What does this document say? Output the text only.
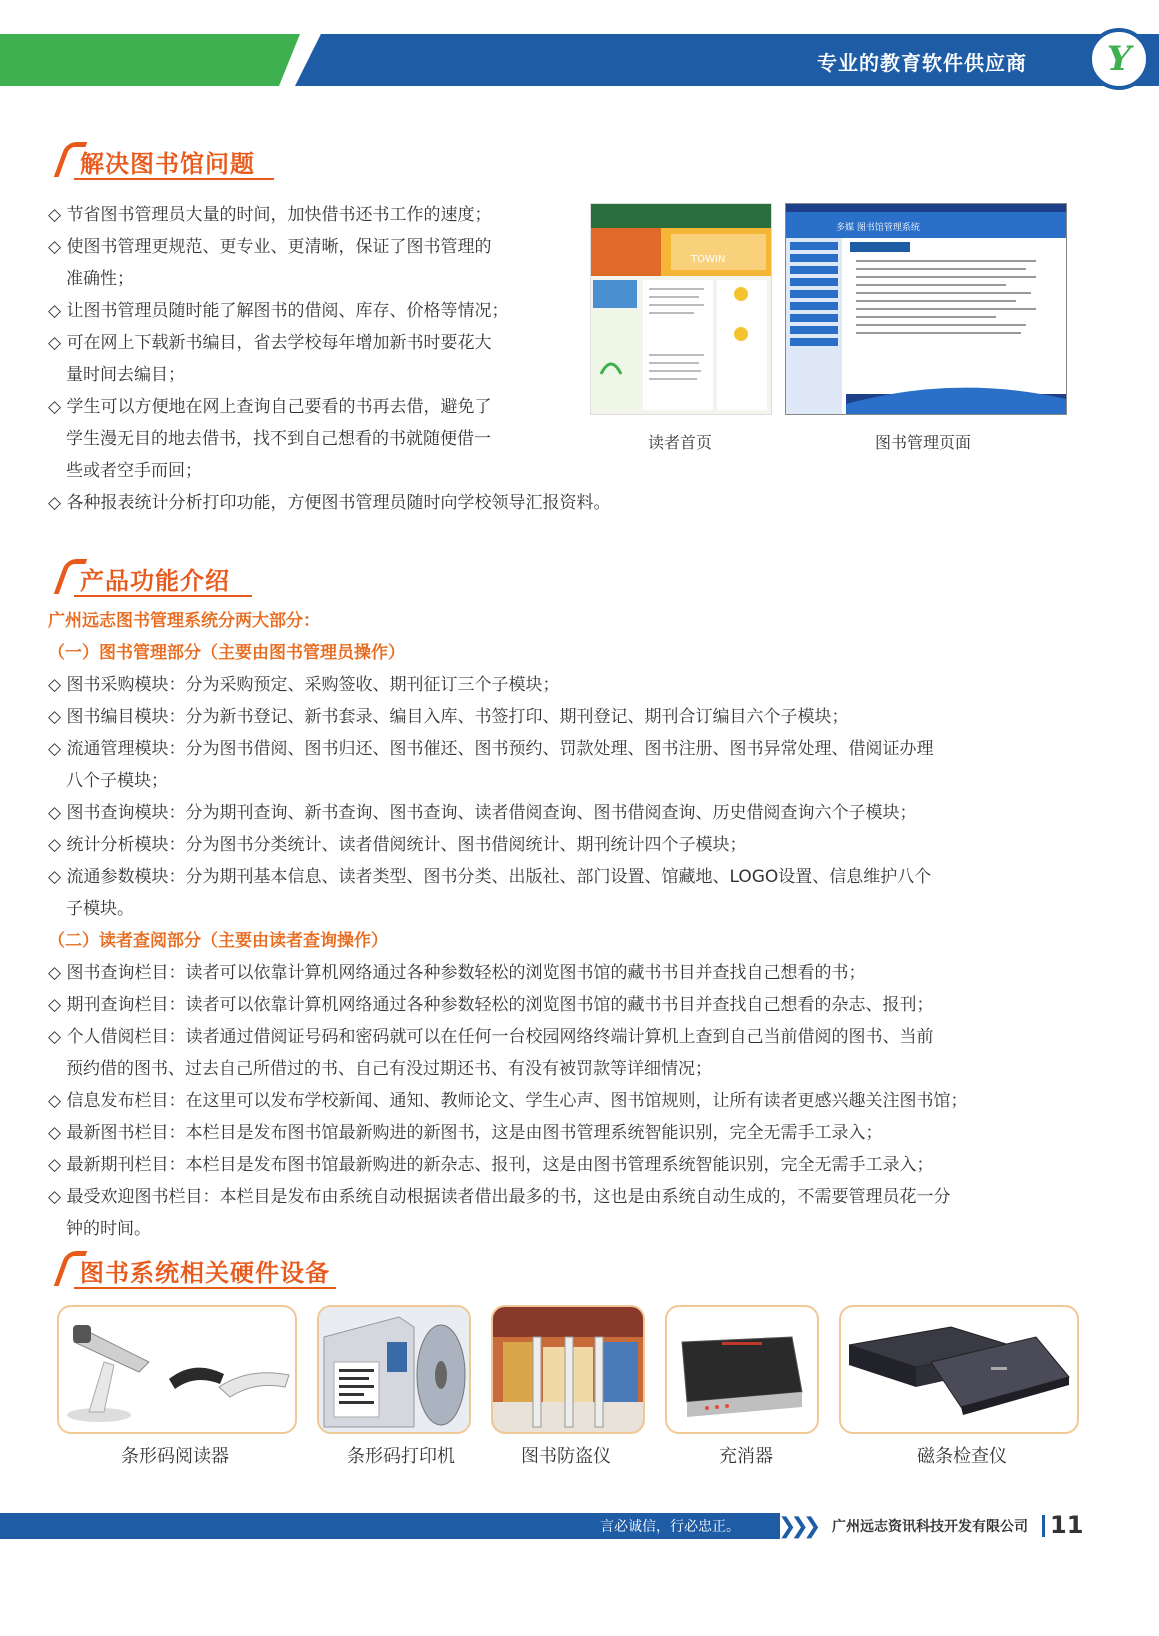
专业的教育软件供应商 Y
解决图书馆问题
◇ 节省图书管理员大量的时间，加快借书还书工作的速度；
◇ 使图书管理更规范、更专业、更清晰，保证了图书管理的
准确性；
◇ 让图书管理员随时能了解图书的借阅、库存、价格等情况；
◇ 可在网上下载新书编目，省去学校每年增加新书时要花大
量时间去编目；
◇ 学生可以方便地在网上查询自己要看的书再去借，避免了
学生漫无目的地去借书，找不到自己想看的书就随便借一
些或者空手而回；
◇ 各种报表统计分析打印功能，方便图书管理员随时向学校领导汇报资料。
TOWIN
多媒 图书馆管理系统
读者首页	图书管理页面
产品功能介绍
广州远志图书管理系统分两大部分：
（一）图书管理部分（主要由图书管理员操作）
◇ 图书采购模块：分为采购预定、采购签收、期刊征订三个子模块；
◇ 图书编目模块：分为新书登记、新书套录、编目入库、书签打印、期刊登记、期刊合订编目六个子模块；
◇ 流通管理模块：分为图书借阅、图书归还、图书催还、图书预约、罚款处理、图书注册、图书异常处理、借阅证办理
八个子模块；
◇ 图书查询模块：分为期刊查询、新书查询、图书查询、读者借阅查询、图书借阅查询、历史借阅查询六个子模块；
◇ 统计分析模块：分为图书分类统计、读者借阅统计、图书借阅统计、期刊统计四个子模块；
◇ 流通参数模块：分为期刊基本信息、读者类型、图书分类、出版社、部门设置、馆藏地、LOGO设置、信息维护八个
子模块。
（二）读者查阅部分（主要由读者查询操作）
◇ 图书查询栏目：读者可以依靠计算机网络通过各种参数轻松的浏览图书馆的藏书书目并查找自己想看的书；
◇ 期刊查询栏目：读者可以依靠计算机网络通过各种参数轻松的浏览图书馆的藏书书目并查找自己想看的杂志、报刊；
◇ 个人借阅栏目：读者通过借阅证号码和密码就可以在任何一台校园网络终端计算机上查到自己当前借阅的图书、当前
预约借的图书、过去自己所借过的书、自己有没过期还书、有没有被罚款等详细情况；
◇ 信息发布栏目：在这里可以发布学校新闻、通知、教师论文、学生心声、图书馆规则，让所有读者更感兴趣关注图书馆；
◇ 最新图书栏目：本栏目是发布图书馆最新购进的新图书，这是由图书管理系统智能识别，完全无需手工录入；
◇ 最新期刊栏目：本栏目是发布图书馆最新购进的新杂志、报刊，这是由图书管理系统智能识别，完全无需手工录入；
◇ 最受欢迎图书栏目：本栏目是发布由系统自动根据读者借出最多的书，这也是由系统自动生成的，不需要管理员花一分
钟的时间。
图书系统相关硬件设备
条形码阅读器	条形码打印机	图书防盗仪	充消器	磁条检查仪
言必诚信，行必忠正。 ❯❯❯ 广州远志资讯科技开发有限公司 11
